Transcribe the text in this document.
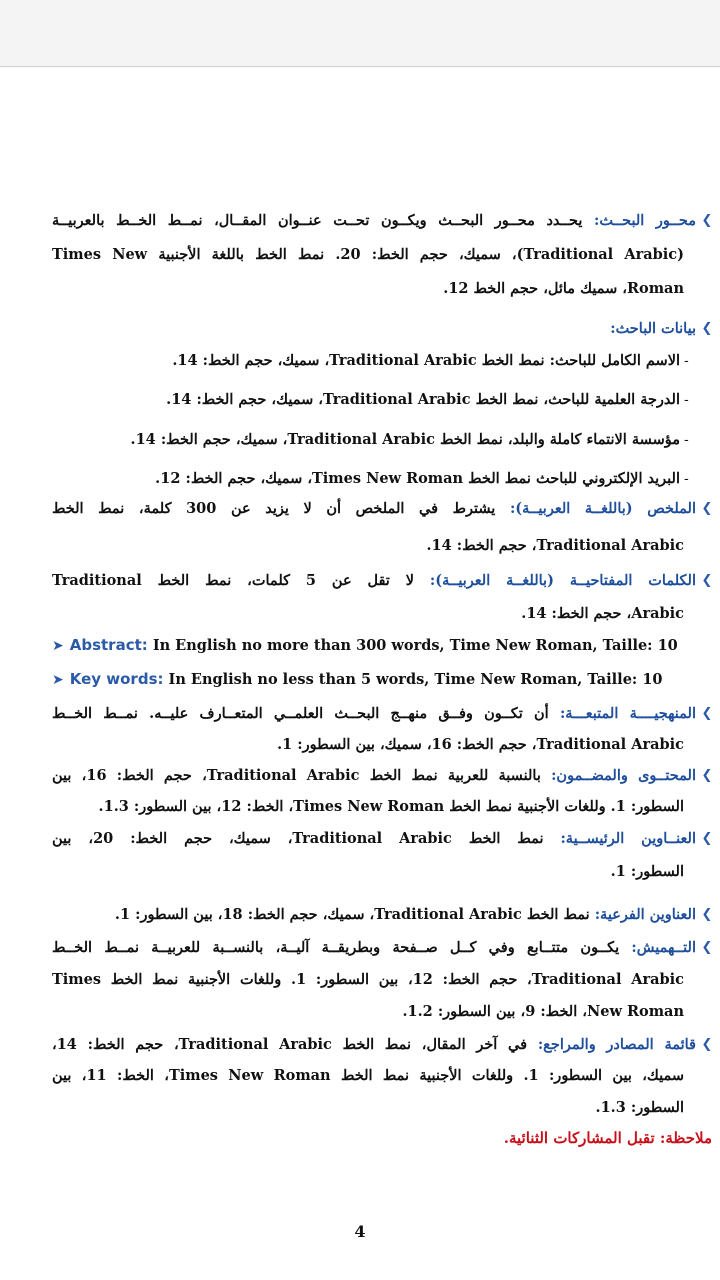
❮
محــور البحــث: يحــدد محــور البحــث ويكــون تحــت عنــوان المقــال، نمــط الخــط بالعربيــة
(Traditional Arabic)، سميك، حجم الخط: 20. نمط الخط باللغة الأجنبية Times New
Roman، سميك مائل، حجم الخط 12.
❮
بيانات الباحث:
-
الاسم الكامل للباحث: نمط الخط Traditional Arabic، سميك، حجم الخط: 14.
-
الدرجة العلمية للباحث، نمط الخط Traditional Arabic، سميك، حجم الخط: 14.
-
مؤسسة الانتماء كاملة والبلد، نمط الخط Traditional Arabic، سميك، حجم الخط: 14.
-
البريد الإلكتروني للباحث نمط الخط Times New Roman، سميك، حجم الخط: 12.
❮
الملخص (باللغــة العربيــة): يشترط في الملخص أن لا يزيد عن 300 كلمة، نمط الخط
Traditional Arabic، حجم الخط: 14.
❮
الكلمات المفتاحيــة (باللغــة العربيــة): لا تقل عن 5 كلمات، نمط الخط Traditional
Arabic، حجم الخط: 14.
➤ Abstract: In English no more than 300 words, Time New Roman, Taille: 10
➤ Key words: In English no less than 5 words, Time New Roman, Taille: 10
❮
المنهجيــــة المتبعـــة: أن تكــون وفــق منهــج البحــث العلمــي المتعــارف عليــه. نمــط الخــط
Traditional Arabic، حجم الخط: 16، سميك، بين السطور: 1.
❮
المحتــوى والمضــمون: بالنسبة للعربية نمط الخط Traditional Arabic، حجم الخط: 16، بين
السطور: 1. وللغات الأجنبية نمط الخط Times New Roman، الخط: 12، بين السطور: 1.3.
❮
العنــاوين الرئيســية: نمط الخط Traditional Arabic، سميك، حجم الخط: 20، بين
السطور: 1.
❮
العناوين الفرعية: نمط الخط Traditional Arabic، سميك، حجم الخط: 18، بين السطور: 1.
❮
التــهميش: يكــون متتــابع وفي كــل صــفحة وبطريقــة آليــة، بالنســبة للعربيــة نمــط الخــط
Traditional Arabic، حجم الخط: 12، بين السطور: 1. وللغات الأجنبية نمط الخط Times
New Roman، الخط: 9، بين السطور: 1.2.
❮
قائمة المصادر والمراجع: في آخر المقال، نمط الخط Traditional Arabic، حجم الخط: 14،
سميك، بين السطور: 1. وللغات الأجنبية نمط الخط Times New Roman، الخط: 11، بين
السطور: 1.3.
ملاحظة: تقبل المشاركات الثنائية.
4
